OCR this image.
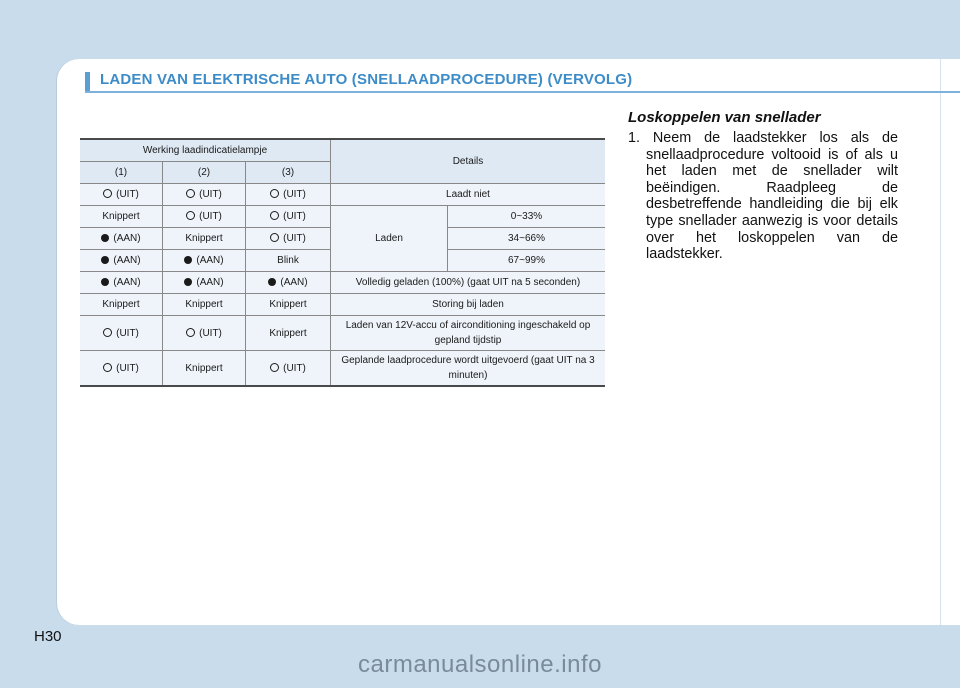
LADEN VAN ELEKTRISCHE AUTO (SNELLAADPROCEDURE) (VERVOLG)
Werking laadindicatielampje			Details	
(1)	(2)	(3)		
(UIT)	(UIT)	(UIT)	Laadt niet	
Knippert	(UIT)	(UIT)	Laden	0~33%
(AAN)	Knippert	(UIT)		34~66%
(AAN)	(AAN)	Blink		67~99%
(AAN)	(AAN)	(AAN)	Volledig geladen (100%) (gaat UIT na 5 seconden)	
Knippert	Knippert	Knippert	Storing bij laden	
(UIT)	(UIT)	Knippert	Laden van 12V-accu of airconditioning ingeschakeld op gepland tijdstip	
(UIT)	Knippert	(UIT)	Geplande laadprocedure wordt uitgevoerd (gaat UIT na 3 minuten)	
Loskoppelen van snellader
1. Neem de laadstekker los als de snellaadprocedure voltooid is of als u het laden met de snellader wilt beëindigen. Raadpleeg de desbetreffende handleiding die bij elk type snellader aanwezig is voor details over het loskoppelen van de laadstekker.
H30
carmanualsonline.info
